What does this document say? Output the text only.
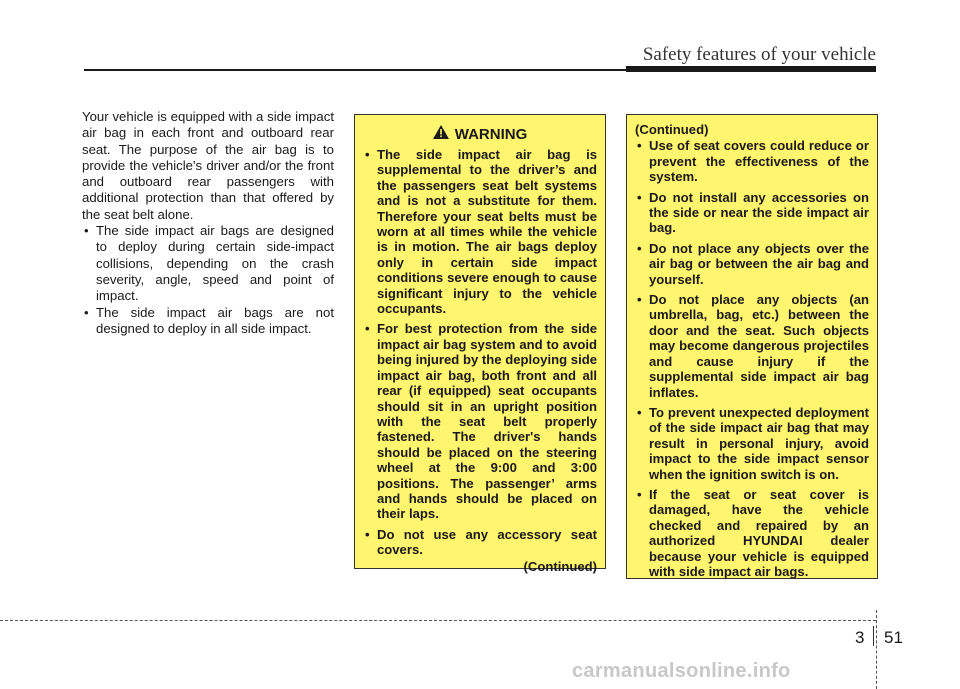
Safety features of your vehicle

Your vehicle is equipped with a side impact air bag in each front and outboard rear seat. The purpose of the air bag is to provide the vehicle's driver and/or the front and outboard rear passengers with additional protection than that offered by the seat belt alone.

• The side impact air bags are designed to deploy during certain side-impact collisions, depending on the crash severity, angle, speed and point of impact.
• The side impact air bags are not designed to deploy in all side impact.
WARNING
• The side impact air bag is supplemental to the driver’s and the passengers seat belt systems and is not a substitute for them. Therefore your seat belts must be worn at all times while the vehicle is in motion. The air bags deploy only in certain side impact conditions severe enough to cause significant injury to the vehicle occupants.
• For best protection from the side impact air bag system and to avoid being injured by the deploying side impact air bag, both front and all rear (if equipped) seat occupants should sit in an upright position with the seat belt properly fastened. The driver's hands should be placed on the steering wheel at the 9:00 and 3:00 positions. The passenger’ arms and hands should be placed on their laps.
• Do not use any accessory seat covers.
(Continued)
(Continued)
• Use of seat covers could reduce or prevent the effectiveness of the system.
• Do not install any accessories on the side or near the side impact air bag.
• Do not place any objects over the air bag or between the air bag and yourself.
• Do not place any objects (an umbrella, bag, etc.) between the door and the seat. Such objects may become dangerous projectiles and cause injury if the supplemental side impact air bag inflates.
• To prevent unexpected deployment of the side impact air bag that may result in personal injury, avoid impact to the side impact sensor when the ignition switch is on.
• If the seat or seat cover is damaged, have the vehicle checked and repaired by an authorized HYUNDAI dealer because your vehicle is equipped with side impact air bags.
3 51
carmanualsonline.info
